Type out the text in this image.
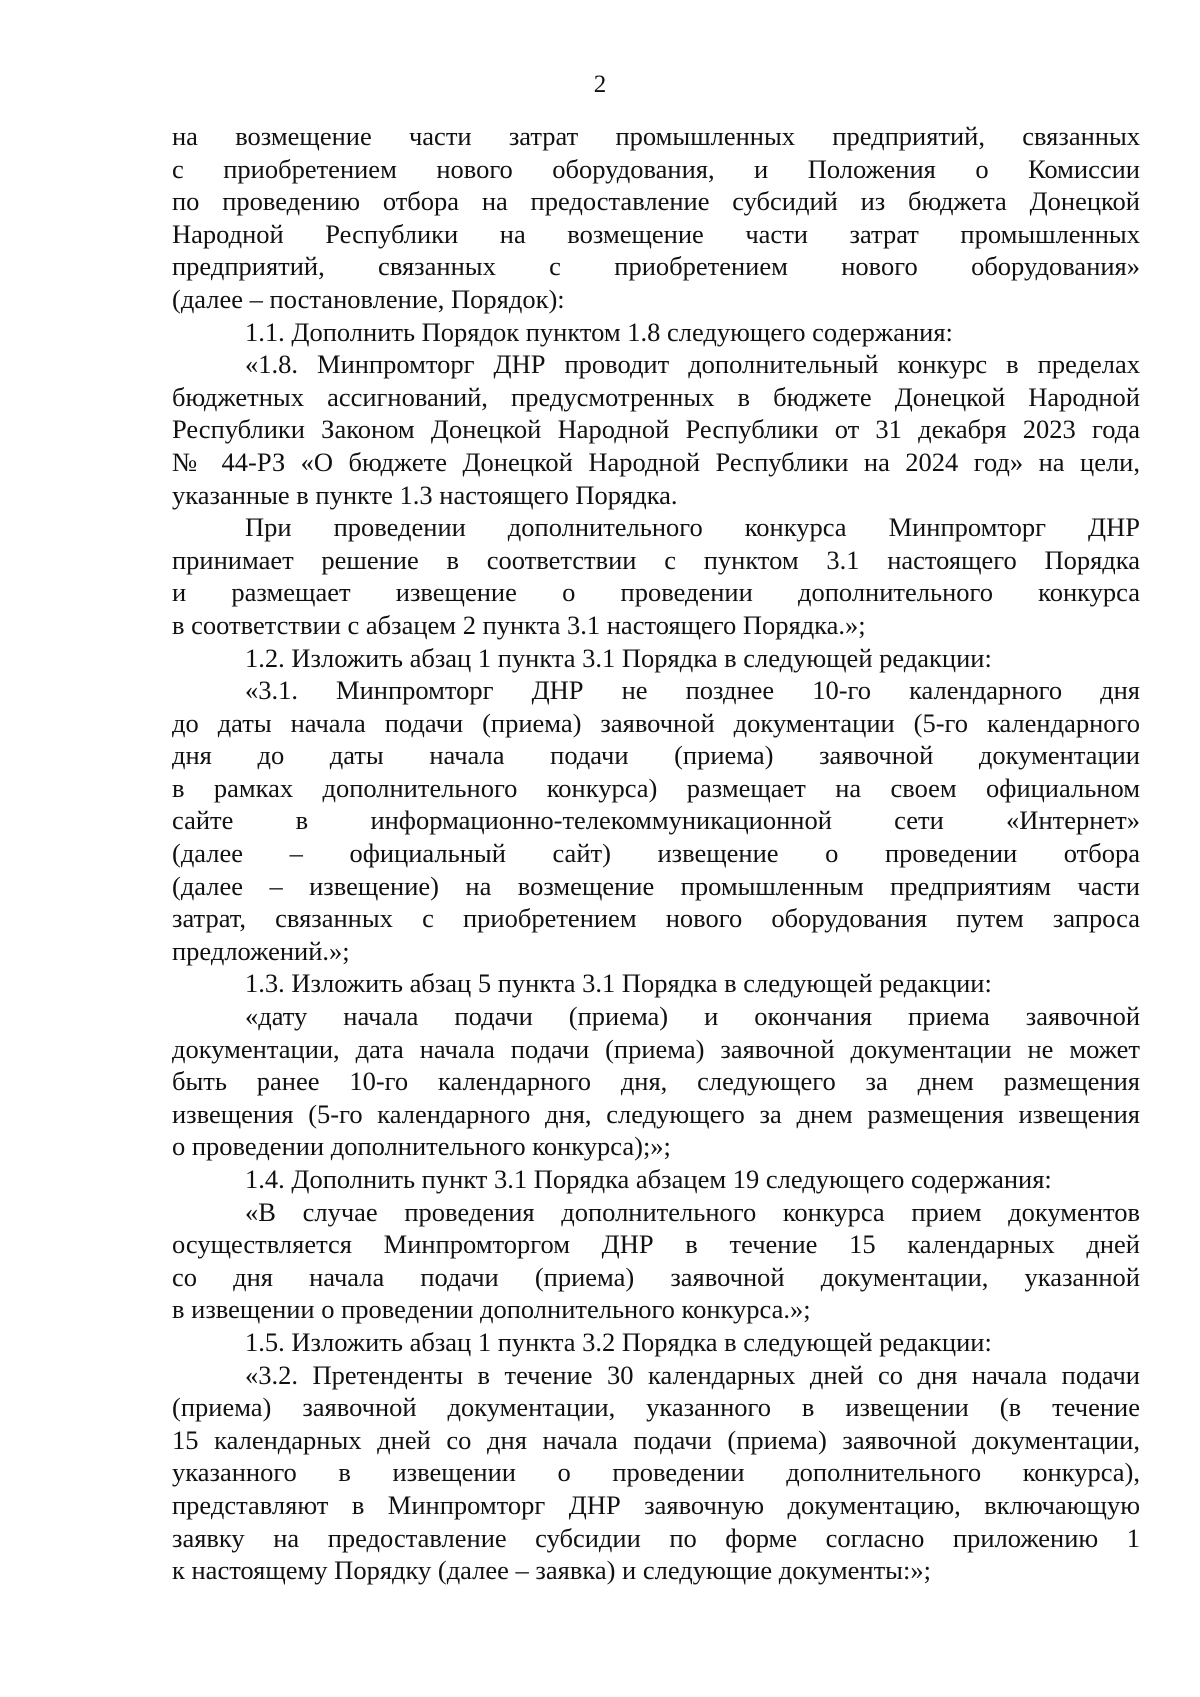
2
на возмещение части затрат промышленных предприятий, связанных
с приобретением нового оборудования, и Положения о Комиссии
по проведению отбора на предоставление субсидий из бюджета Донецкой
Народной Республики на возмещение части затрат промышленных
предприятий, связанных с приобретением нового оборудования»
(далее – постановление, Порядок):
1.1. Дополнить Порядок пунктом 1.8 следующего содержания:
«1.8. Минпромторг ДНР проводит дополнительный конкурс в пределах
бюджетных ассигнований, предусмотренных в бюджете Донецкой Народной
Республики Законом Донецкой Народной Республики от 31 декабря 2023 года
№ 44-РЗ «О бюджете Донецкой Народной Республики на 2024 год» на цели,
указанные в пункте 1.3 настоящего Порядка.
При проведении дополнительного конкурса Минпромторг ДНР
принимает решение в соответствии с пунктом 3.1 настоящего Порядка
и размещает извещение о проведении дополнительного конкурса
в соответствии с абзацем 2 пункта 3.1 настоящего Порядка.»;
1.2. Изложить абзац 1 пункта 3.1 Порядка в следующей редакции:
«3.1. Минпромторг ДНР не позднее 10-го календарного дня
до даты начала подачи (приема) заявочной документации (5-го календарного
дня до даты начала подачи (приема) заявочной документации
в рамках дополнительного конкурса) размещает на своем официальном
сайте в информационно-телекоммуникационной сети «Интернет»
(далее – официальный сайт) извещение о проведении отбора
(далее – извещение) на возмещение промышленным предприятиям части
затрат, связанных с приобретением нового оборудования путем запроса
предложений.»;
1.3. Изложить абзац 5 пункта 3.1 Порядка в следующей редакции:
«дату начала подачи (приема) и окончания приема заявочной
документации, дата начала подачи (приема) заявочной документации не может
быть ранее 10-го календарного дня, следующего за днем размещения
извещения (5-го календарного дня, следующего за днем размещения извещения
о проведении дополнительного конкурса);»;
1.4. Дополнить пункт 3.1 Порядка абзацем 19 следующего содержания:
«В случае проведения дополнительного конкурса прием документов
осуществляется Минпромторгом ДНР в течение 15 календарных дней
со дня начала подачи (приема) заявочной документации, указанной
в извещении о проведении дополнительного конкурса.»;
1.5. Изложить абзац 1 пункта 3.2 Порядка в следующей редакции:
«3.2. Претенденты в течение 30 календарных дней со дня начала подачи
(приема) заявочной документации, указанного в извещении (в течение
15 календарных дней со дня начала подачи (приема) заявочной документации,
указанного в извещении о проведении дополнительного конкурса),
представляют в Минпромторг ДНР заявочную документацию, включающую
заявку на предоставление субсидии по форме согласно приложению 1
к настоящему Порядку (далее – заявка) и следующие документы:»;
